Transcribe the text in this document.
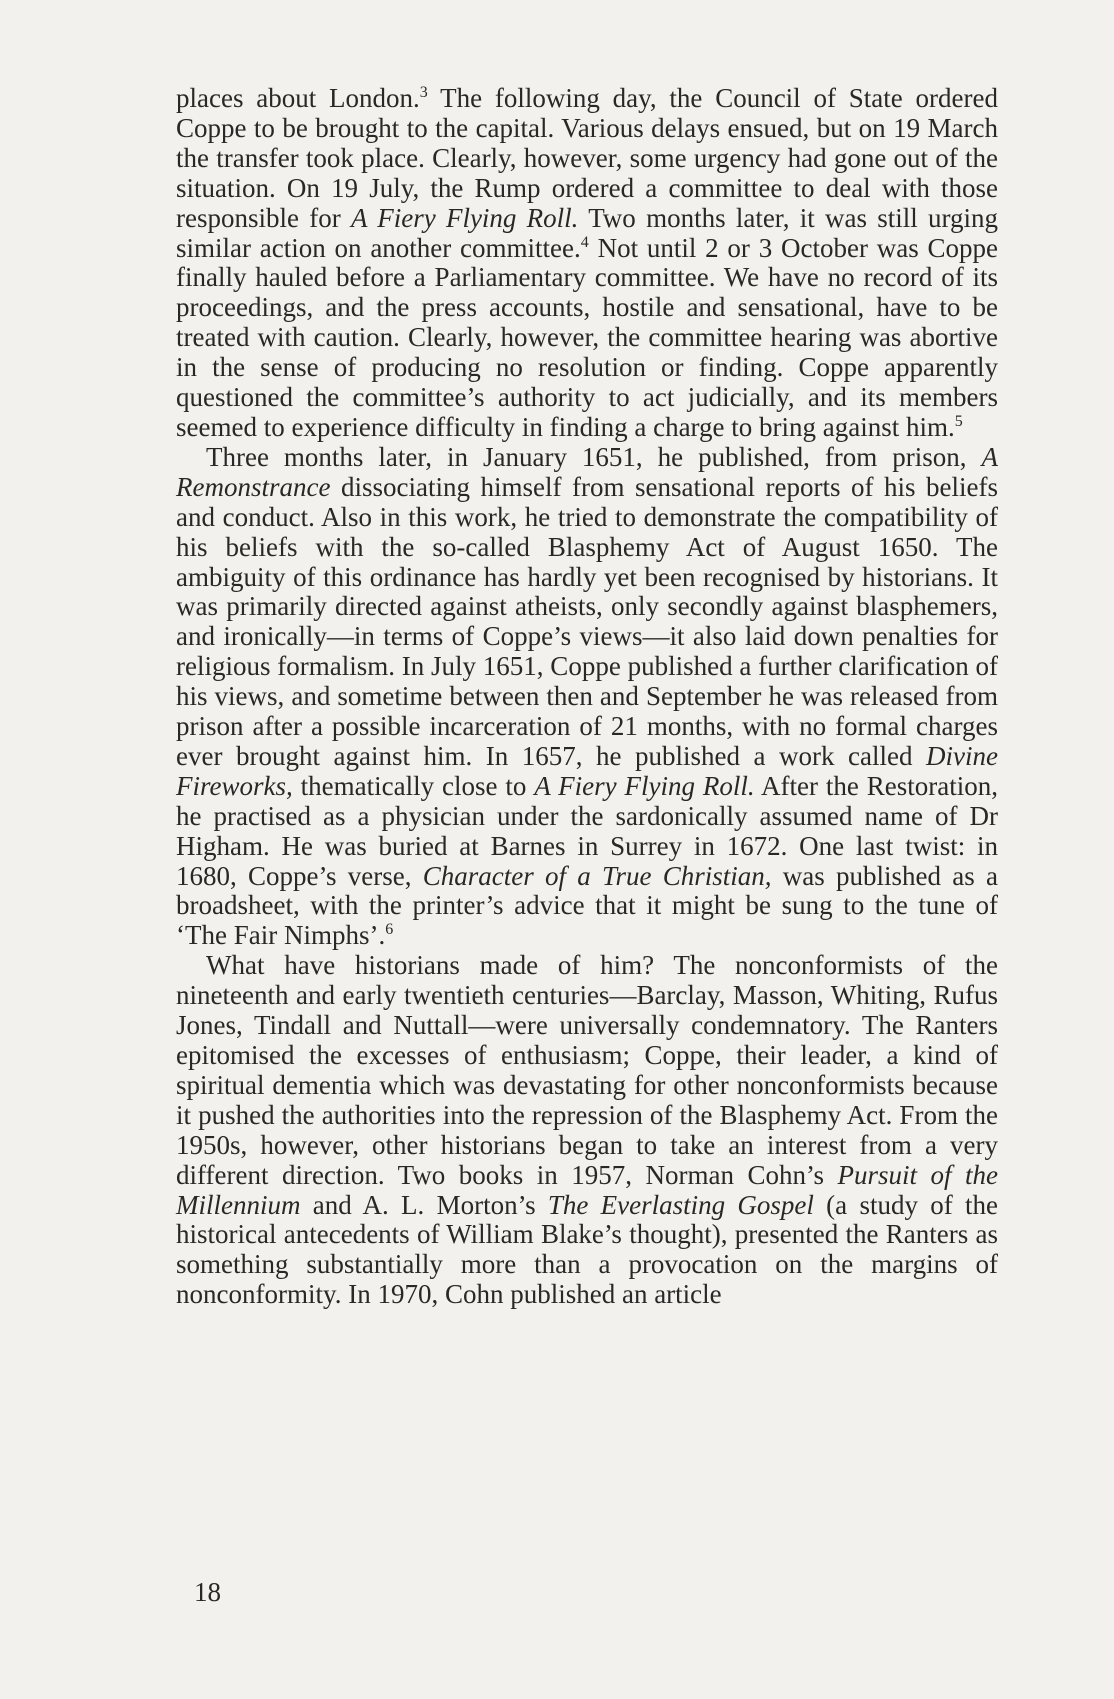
places about London.$^3$ The following day, the Council of State ordered Coppe to be brought to the capital. Various delays ensued, but on 19 March the transfer took place. Clearly, however, some urgency had gone out of the situation. On 19 July, the Rump ordered a committee to deal with those responsible for A Fiery Flying Roll. Two months later, it was still urging similar action on another committee.$^4$ Not until 2 or 3 October was Coppe finally hauled before a Parliamentary committee. We have no record of its proceedings, and the press accounts, hostile and sensational, have to be treated with caution. Clearly, however, the committee hearing was abortive in the sense of producing no resolution or finding. Coppe apparently questioned the committee’s authority to act judicially, and its members seemed to experience difficulty in finding a charge to bring against him.$^5$

Three months later, in January 1651, he published, from prison, A Remonstrance dissociating himself from sensational reports of his beliefs and conduct. Also in this work, he tried to demonstrate the compatibility of his beliefs with the so-called Blasphemy Act of August 1650. The ambiguity of this ordinance has hardly yet been recognised by historians. It was primarily directed against atheists, only secondly against blasphemers, and ironically—in terms of Coppe’s views—it also laid down penalties for religious formalism. In July 1651, Coppe published a further clarification of his views, and sometime between then and September he was released from prison after a possible incarceration of 21 months, with no formal charges ever brought against him. In 1657, he published a work called Divine Fireworks, thematically close to A Fiery Flying Roll. After the Restoration, he practised as a physician under the sardonically assumed name of Dr Higham. He was buried at Barnes in Surrey in 1672. One last twist: in 1680, Coppe’s verse, Character of a True Christian, was published as a broadsheet, with the printer’s advice that it might be sung to the tune of ‘The Fair Nimphs’.$^6$

What have historians made of him? The nonconformists of the nineteenth and early twentieth centuries—Barclay, Masson, Whiting, Rufus Jones, Tindall and Nuttall—were universally condemnatory. The Ranters epitomised the excesses of enthusiasm; Coppe, their leader, a kind of spiritual dementia which was devastating for other nonconformists because it pushed the authorities into the repression of the Blasphemy Act. From the 1950s, however, other historians began to take an interest from a very different direction. Two books in 1957, Norman Cohn’s Pursuit of the Millennium and A. L. Morton’s The Everlasting Gospel (a study of the historical antecedents of William Blake’s thought), presented the Ranters as something substantially more than a provocation on the margins of nonconformity. In 1970, Cohn published an article

18
